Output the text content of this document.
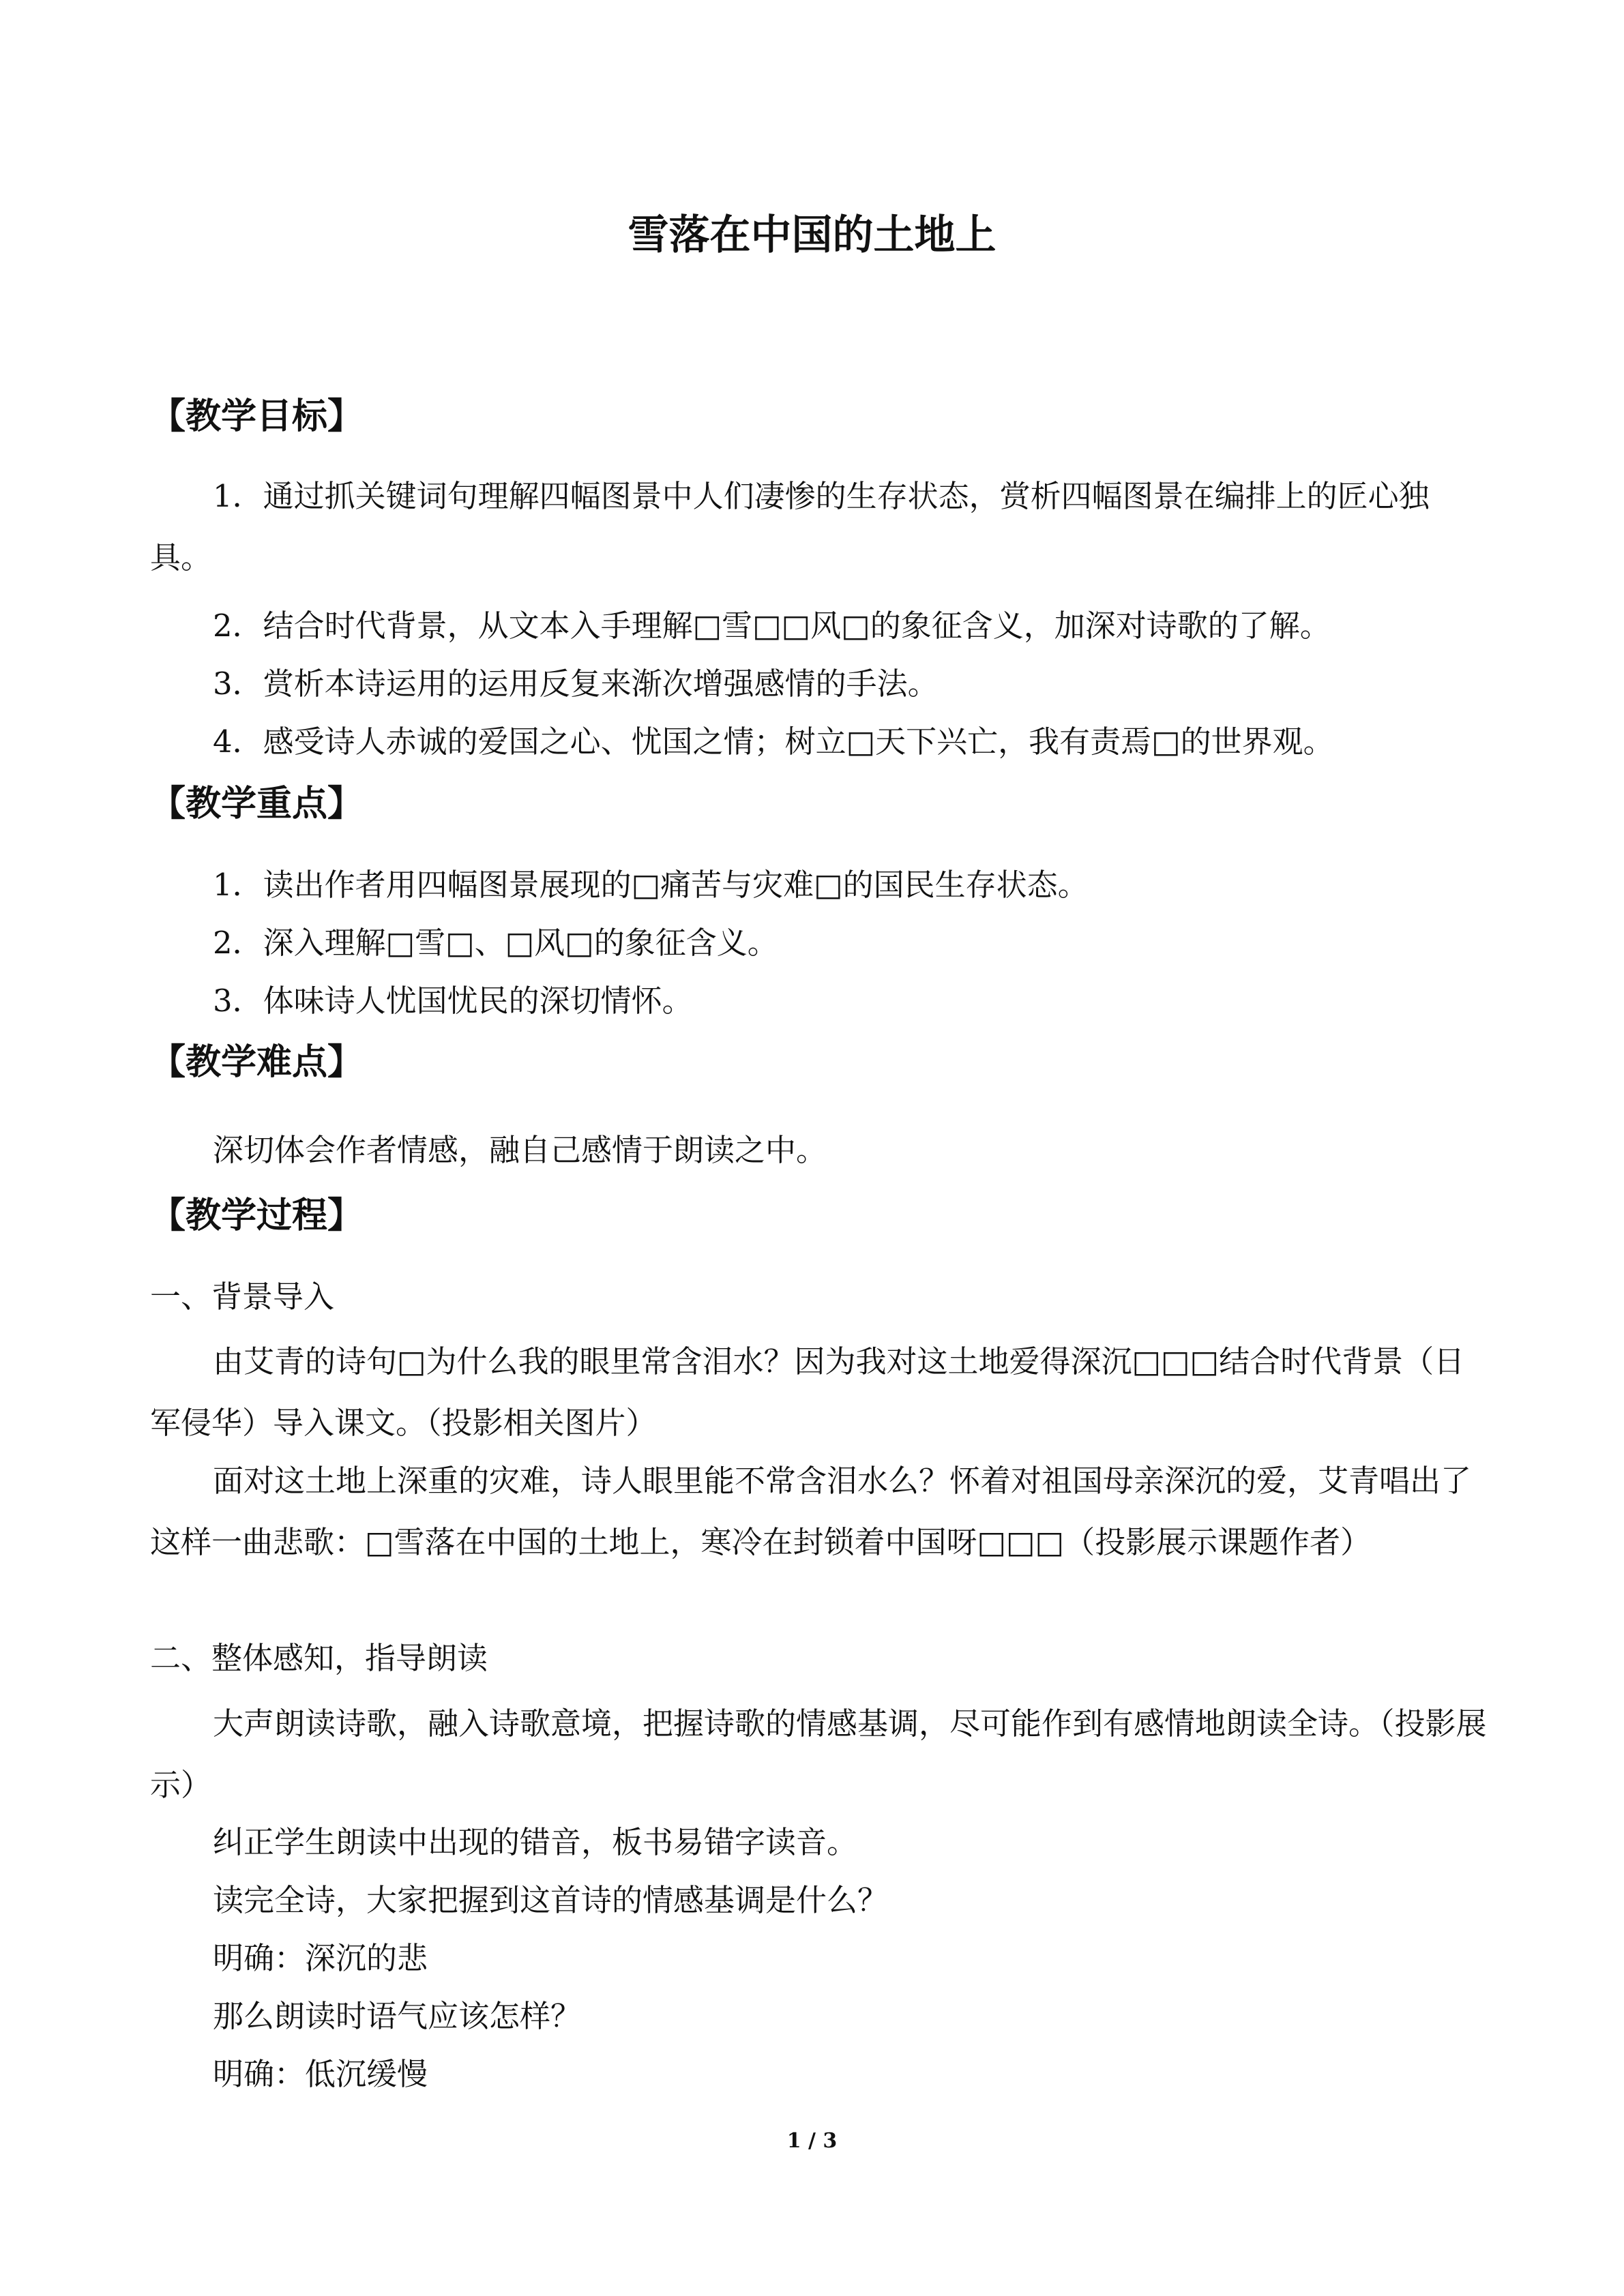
雪落在中国的土地上
【教学目标】
1．通过抓关键词句理解四幅图景中人们凄惨的生存状态，赏析四幅图景在编排上的匠心独具。
2．结合时代背景，从文本入手理解□雪□□风□的象征含义，加深对诗歌的了解。
3．赏析本诗运用的运用反复来渐次增强感情的手法。
4．感受诗人赤诚的爱国之心、忧国之情；树立□天下兴亡，我有责焉□的世界观。
【教学重点】
1．读出作者用四幅图景展现的□痛苦与灾难□的国民生存状态。
2．深入理解□雪□、□风□的象征含义。
3．体味诗人忧国忧民的深切情怀。
【教学难点】
深切体会作者情感，融自己感情于朗读之中。
【教学过程】
一、背景导入
由艾青的诗句□为什么我的眼里常含泪水？因为我对这土地爱得深沉□□□结合时代背景（日军侵华）导入课文。（投影相关图片）
面对这土地上深重的灾难，诗人眼里能不常含泪水么？怀着对祖国母亲深沉的爱，艾青唱出了这样一曲悲歌：□雪落在中国的土地上，寒冷在封锁着中国呀□□□（投影展示课题作者）
二、整体感知，指导朗读
大声朗读诗歌，融入诗歌意境，把握诗歌的情感基调，尽可能作到有感情地朗读全诗。（投影展示）
纠正学生朗读中出现的错音，板书易错字读音。
读完全诗，大家把握到这首诗的情感基调是什么？
明确：深沉的悲
那么朗读时语气应该怎样？
明确：低沉缓慢
1 / 3
